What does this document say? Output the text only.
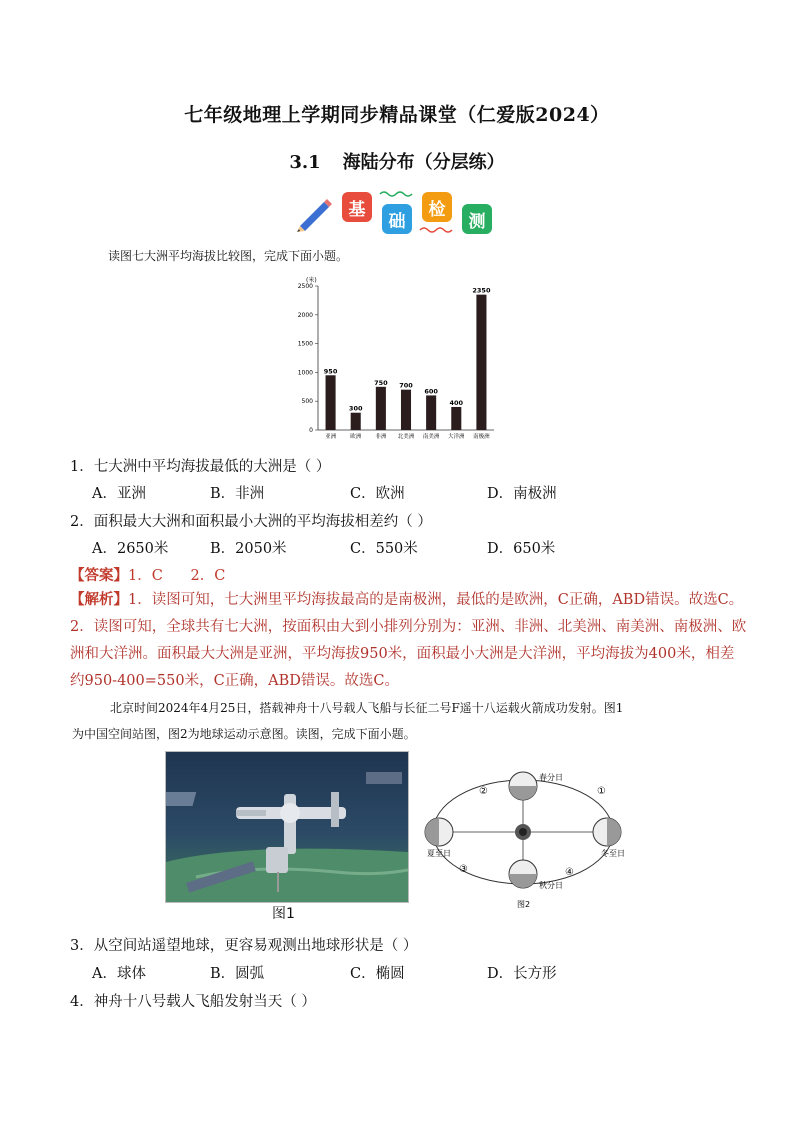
七年级地理上学期同步精品课堂（仁爱版2024）
3.1 海陆分布（分层练）
基
础
检
测
读图七大洲平均海拔比较图，完成下面小题。
(米)
0
500
1000
1500
2000
2500
950
亚洲
300
欧洲
750
非洲
700
北美洲
600
南美洲
400
大洋洲
2350
南极洲
1．七大洲中平均海拔最低的大洲是（ ）
A．亚洲	B．非洲	C．欧洲	D．南极洲
2．面积最大大洲和面积最小大洲的平均海拔相差约（ ）
A．2650米	B．2050米	C．550米	D．650米
【答案】1．C      2．C
【解析】1．读图可知，七大洲里平均海拔最高的是南极洲，最低的是欧洲，C正确，ABD错误。故选C。
2．读图可知，全球共有七大洲，按面积由大到小排列分别为：亚洲、非洲、北美洲、南美洲、南极洲、欧
洲和大洋洲。面积最大大洲是亚洲，平均海拔950米，面积最小大洲是大洋洲，平均海拔为400米，相差
约950-400=550米，C正确，ABD错误。故选C。
北京时间2024年4月25日，搭载神舟十八号载人飞船与长征二号F遥十八运载火箭成功发射。图1
为中国空间站图，图2为地球运动示意图。读图，完成下面小题。
图1
春分日
夏至日
秋分日
冬至日
①
②
③	④
图2
3．从空间站遥望地球，更容易观测出地球形状是（ ）
A．球体	B．圆弧	C．椭圆	D．长方形
4．神舟十八号载人飞船发射当天（ ）
